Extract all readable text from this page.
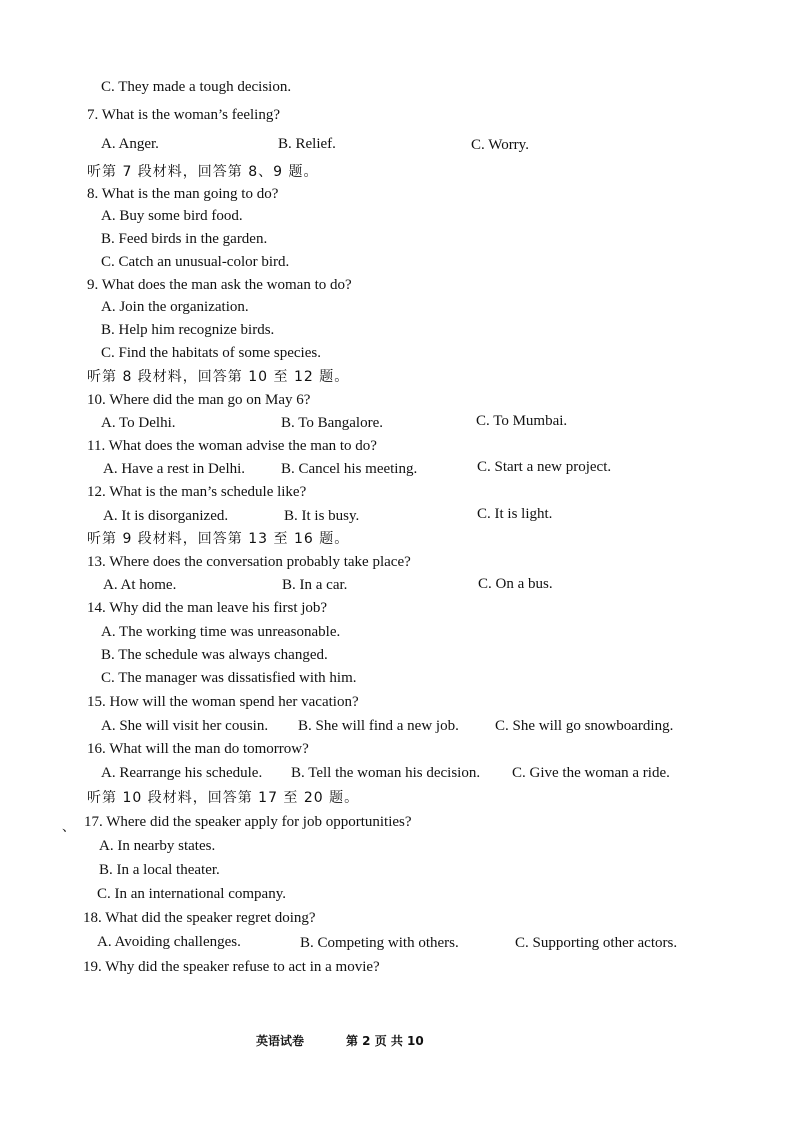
C. They made a tough decision.
7. What is the woman’s feeling?
A. Anger.	B. Relief.	C. Worry.
听第 7 段材料，回答第 8、9 题。
8. What is the man going to do?
A. Buy some bird food.
B. Feed birds in the garden.
C. Catch an unusual-color bird.
9. What does the man ask the woman to do?
A. Join the organization.
B. Help him recognize birds.
C. Find the habitats of some species.
听第 8 段材料，回答第 10 至 12 题。
10. Where did the man go on May 6?
A. To Delhi.	B. To Bangalore.	C. To Mumbai.
11. What does the woman advise the man to do?
A. Have a rest in Delhi. B. Cancel his meeting.	C. Start a new project.
12. What is the man’s schedule like?
A. It is disorganized.	B. It is busy.	C. It is light.
听第 9 段材料，回答第 13 至 16 题。
13. Where does the conversation probably take place?
A. At home.	B. In a car.	C. On a bus.
14. Why did the man leave his first job?
A. The working time was unreasonable.
B. The schedule was always changed.
C. The manager was dissatisfied with him.
15. How will the woman spend her vacation?
A. She will visit her cousin. B. She will find a new job. C. She will go snowboarding.
16. What will the man do tomorrow?
A. Rearrange his schedule. B. Tell the woman his decision. C. Give the woman a ride.
听第 10 段材料，回答第 17 至 20 题。
、 17. Where did the speaker apply for job opportunities?
A. In nearby states.
B. In a local theater.
C. In an international company.
18. What did the speaker regret doing?
A. Avoiding challenges.	B. Competing with others.	C. Supporting other actors.
19. Why did the speaker refuse to act in a movie?
英语试卷	第 2 页 共 10
